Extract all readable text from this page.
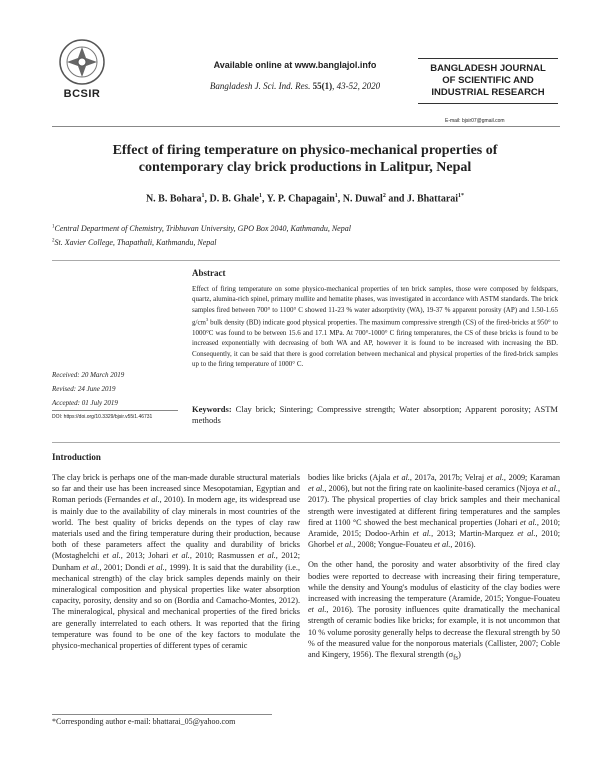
BCSIR
Available online at www.banglajol.info
Bangladesh J. Sci. Ind. Res. 55(1), 43-52, 2020
BANGLADESH JOURNAL
OF SCIENTIFIC AND
INDUSTRIAL RESEARCH
E-mail: bjsir07@gmail.com
Effect of firing temperature on physico-mechanical properties of contemporary clay brick productions in Lalitpur, Nepal
N. B. Bohara$^1$, D. B. Ghale$^1$, Y. P. Chapagain$^1$, N. Duwal$^2$ and J. Bhattarai$^{1*}$
$^1$Central Department of Chemistry, Tribhuvan University, GPO Box 2040, Kathmandu, Nepal
$^2$St. Xavier College, Thapathali, Kathmandu, Nepal
Abstract
Effect of firing temperature on some physico-mechanical properties of ten brick samples, those were composed by feldspars, quartz, alumina-rich spinel, primary mullite and hematite phases, was investigated in accordance with ASTM standards. The brick samples fired between 700° to 1100° C showed 11-23 % water adsorptivity (WA), 19-37 % apparent porosity (AP) and 1.50-1.65 $g/cm^3$ bulk density (BD) indicate good physical properties. The maximum compressive strength (CS) of the fired-bricks at 950° to 1000°C was found to be between 15.6 and 17.1 MPa. At 700°-1000° C firing temperatures, the CS of these bricks is found to be increased exponentially with decreasing of both WA and AP, however it is found to be increased with increasing the BD. Consequently, it can be said that there is good correlation between mechanical and physical properties of the fired-brick samples up to the firing temperature of 1000° C.
Received: 20 March 2019
Revised: 24 June 2019
Accepted: 01 July 2019
DOI: https://doi.org/10.3329/bjsir.v55i1.46731
Keywords: Clay brick; Sintering; Compressive strength; Water absorption; Apparent porosity; ASTM methods
Introduction

The clay brick is perhaps one of the man-made durable structural materials so far and their use has been increased since Mesopotamian, Egyptian and Roman periods (Fernandes et al., 2010). In modern age, its widespread use is mainly due to the availability of clay minerals in most countries of the world. The best quality of bricks depends on the types of clay raw materials used and the firing temperature during their production, because both of these parameters affect the quality and durability of bricks (Mostaghelchi et al., 2013; Johari et al., 2010; Rasmussen et al., 2012; Dunham et al., 2001; Dondi et al., 1999). It is said that the durability (i.e., mechanical strength) of the clay brick samples depends mainly on their mineralogical composition and physical properties like water absorption capacity, porosity, density and so on (Bordia and Camacho-Montes, 2012). The mineralogical, physical and mechanical properties of the fired bricks are generally interrelated to each others. It was reported that the firing temperature was found to be one of the key factors to modulate the physico-mechanical properties of different types of ceramic

bodies like bricks (Ajala et al., 2017a, 2017b; Velraj et al., 2009; Karaman et al., 2006), but not the firing rate on kaolinite-based ceramics (Njoya et al., 2017). The physical properties of clay brick samples and their mechanical strength were investigated at different firing temperatures and the samples fired at 1100 °C showed the best mechanical properties (Johari et al., 2010; Aramide, 2015; Dodoo-Arhin et al., 2013; Martin-Marquez et al., 2010; Ghorbel et al., 2008; Yongue-Fouateu et al., 2016).

On the other hand, the porosity and water absorbtivity of the fired clay bodies were reported to decrease with increasing their firing temperature, while the density and Young's modulus of elasticity of the clay bodies were increased with increasing the temperature (Aramide, 2015; Yongue-Fouateu et al., 2016). The porosity influences quite dramatically the mechanical strength of ceramic bodies like bricks; for example, it is not uncommon that 10 % volume porosity generally helps to decrease the flexural strength by 50 % of the measured value for the nonporous materials (Callister, 2007; Coble and Kingery, 1956). The flexural strength $(\sigma_{fs})$

*Corresponding author e-mail: bhattarai_05@yahoo.com
